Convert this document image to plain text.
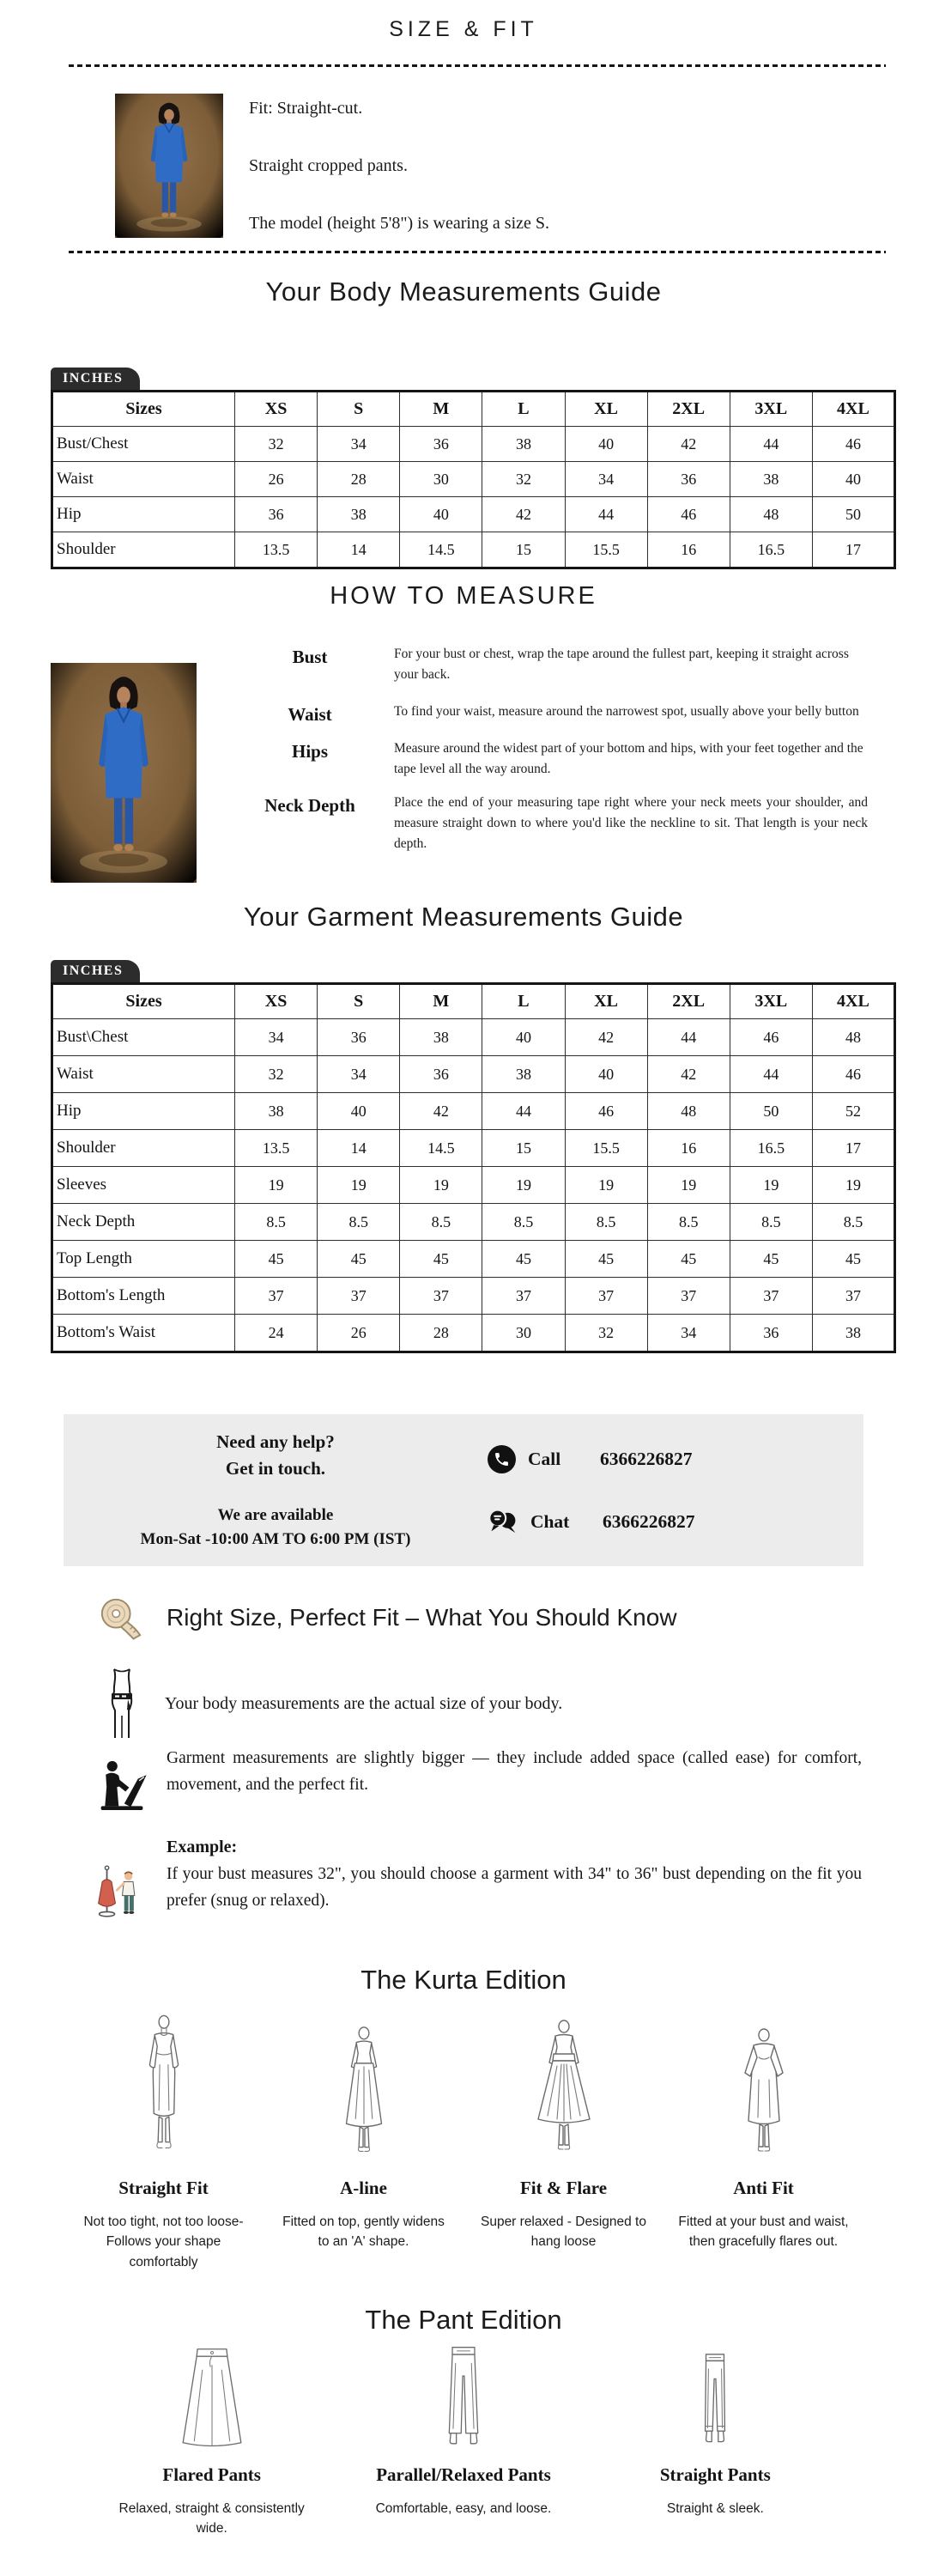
SIZE & FIT
Fit: Straight-cut.
Straight cropped pants.
The model (height 5'8") is wearing a size S.
Your Body Measurements Guide
INCHES
Sizes	XS	S	M	L	XL	2XL	3XL	4XL
Bust/Chest	32	34	36	38	40	42	44	46
Waist	26	28	30	32	34	36	38	40
Hip	36	38	40	42	44	46	48	50
Shoulder	13.5	14	14.5	15	15.5	16	16.5	17
HOW TO MEASURE
Bust	For your bust or chest, wrap the tape around the fullest part, keeping it straight across your back.
Waist	To find your waist, measure around the narrowest spot, usually above your belly button
Hips	Measure around the widest part of your bottom and hips, with your feet together and the tape level all the way around.
Neck Depth	Place the end of your measuring tape right where your neck meets your shoulder, and measure straight down to where you'd like the neckline to sit. That length is your neck depth.
Your Garment Measurements Guide
INCHES
Sizes	XS	S	M	L	XL	2XL	3XL	4XL
Bust\Chest	34	36	38	40	42	44	46	48
Waist	32	34	36	38	40	42	44	46
Hip	38	40	42	44	46	48	50	52
Shoulder	13.5	14	14.5	15	15.5	16	16.5	17
Sleeves	19	19	19	19	19	19	19	19
Neck Depth	8.5	8.5	8.5	8.5	8.5	8.5	8.5	8.5
Top Length	45	45	45	45	45	45	45	45
Bottom's Length	37	37	37	37	37	37	37	37
Bottom's Waist	24	26	28	30	32	34	36	38
Need any help?
Get in touch.
We are available
Mon-Sat -10:00 AM TO 6:00 PM (IST)
Call	6366226827
Chat	6366226827
Right Size, Perfect Fit – What You Should Know
Your body measurements are the actual size of your body.
Garment measurements are slightly bigger — they include added space (called ease) for comfort, movement, and the perfect fit.
Example:
If your bust measures 32", you should choose a garment with 34" to 36" bust depending on the fit you prefer (snug or relaxed).
The Kurta Edition
Straight Fit
Not too tight, not too loose-Follows your shape comfortably
A-line
Fitted on top, gently widens to an 'A' shape.
Fit & Flare
Super relaxed - Designed to hang loose
Anti Fit
Fitted at your bust and waist, then gracefully flares out.
The Pant Edition
Flared Pants
Relaxed, straight & consistently wide.
Parallel/Relaxed Pants
Comfortable, easy, and loose.
Straight Pants
Straight & sleek.
